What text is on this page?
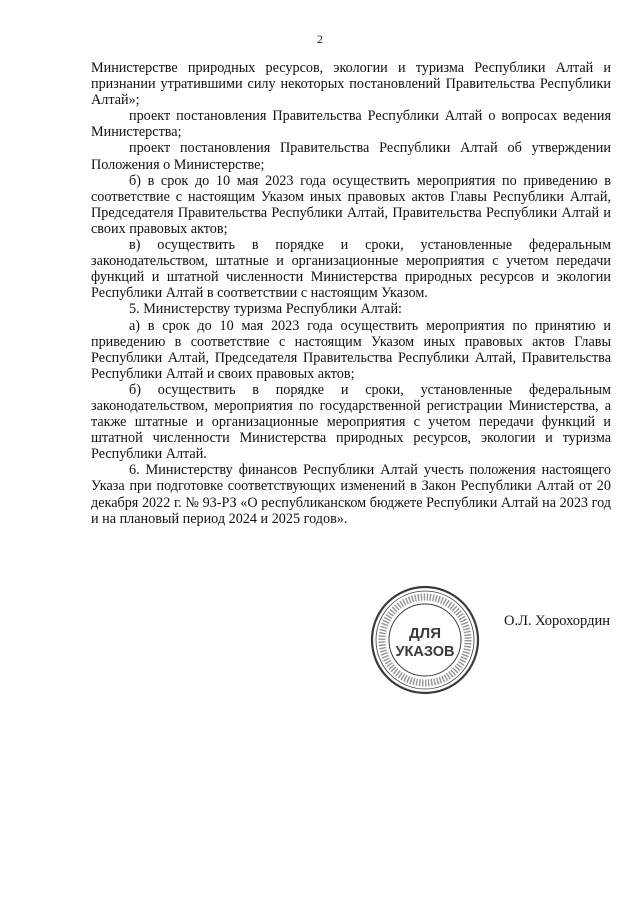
2

Министерстве природных ресурсов, экологии и туризма Республики Алтай и признании утратившими силу некоторых постановлений Правительства Республики Алтай»;

проект постановления Правительства Республики Алтай о вопросах ведения Министерства;

проект постановления Правительства Республики Алтай об утверждении Положения о Министерстве;

б) в срок до 10 мая 2023 года осуществить мероприятия по приведению в соответствие с настоящим Указом иных правовых актов Главы Республики Алтай, Председателя Правительства Республики Алтай, Правительства Республики Алтай и своих правовых актов;

в) осуществить в порядке и сроки, установленные федеральным законодательством, штатные и организационные мероприятия с учетом передачи функций и штатной численности Министерства природных ресурсов и экологии Республики Алтай в соответствии с настоящим Указом.

5. Министерству туризма Республики Алтай:

а) в срок до 10 мая 2023 года осуществить мероприятия по принятию и приведению в соответствие с настоящим Указом иных правовых актов Главы Республики Алтай, Председателя Правительства Республики Алтай, Правительства Республики Алтай и своих правовых актов;

б) осуществить в порядке и сроки, установленные федеральным законодательством, мероприятия по государственной регистрации Министерства, а также штатные и организационные мероприятия с учетом передачи функций и штатной численности Министерства природных ресурсов, экологии и туризма Республики Алтай.

6. Министерству финансов Республики Алтай учесть положения настоящего Указа при подготовке соответствующих изменений в Закон Республики Алтай от 20 декабря 2022 г. № 93-РЗ «О республиканском бюджете Республики Алтай на 2023 год и на плановый период 2024 и 2025 годов».

ДЛЯ
УКАЗОВ
О.Л. Хорохордин
